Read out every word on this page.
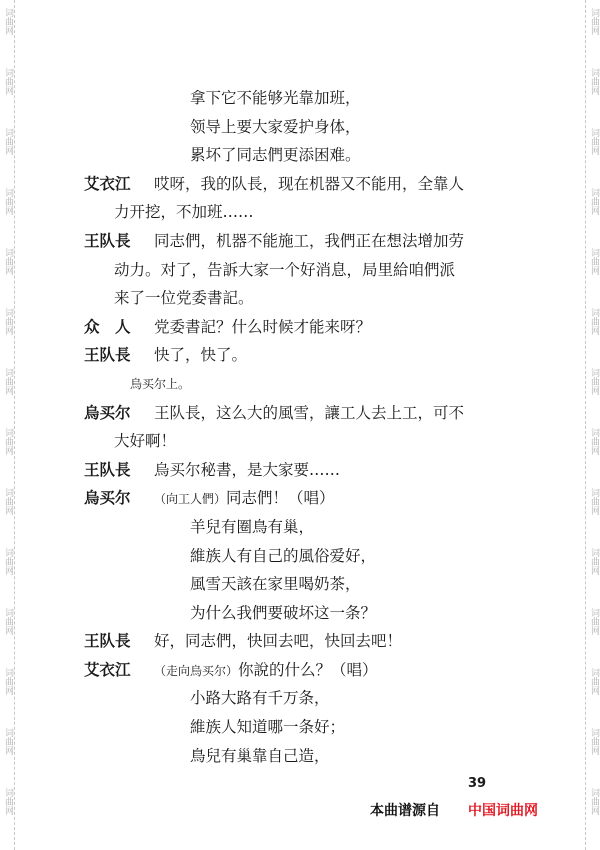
词曲网
词曲网
词曲网
词曲网
词曲网
词曲网
词曲网
词曲网
词曲网
词曲网
词曲网
词曲网
词曲网
词曲网
词曲网
词曲网
词曲网
词曲网
词曲网
词曲网
词曲网
词曲网
词曲网
词曲网
词曲网
词曲网
词曲网
词曲网
拿下它不能够光靠加班，
领导上要大家爱护身体，
累坏了同志們更添困难。
艾衣江 哎呀，我的队長，现在机器又不能用，全靠人
力开挖，不加班……
王队長 同志們，机器不能施工，我們正在想法增加劳
动力。对了，告訴大家一个好消息，局里給咱們派
来了一位党委書記。
众　人 党委書記？什么时候才能来呀？
王队長 快了，快了。
烏买尔上。
烏买尔 王队長，这么大的風雪，讓工人去上工，可不
大好啊！
王队長 烏买尔秘書，是大家要……
烏买尔 （向工人們）同志們！（唱）
羊兒有圈鳥有巢，
維族人有自己的風俗爱好，
風雪天該在家里喝奶茶，
为什么我們要破坏这一条？
王队長 好，同志們，快回去吧，快回去吧！
艾衣江 （走向烏买尔）你說的什么？（唱）
小路大路有千万条，
維族人知道哪一条好；
鳥兒有巢靠自己造，
39
本曲谱源自 中国词曲网
